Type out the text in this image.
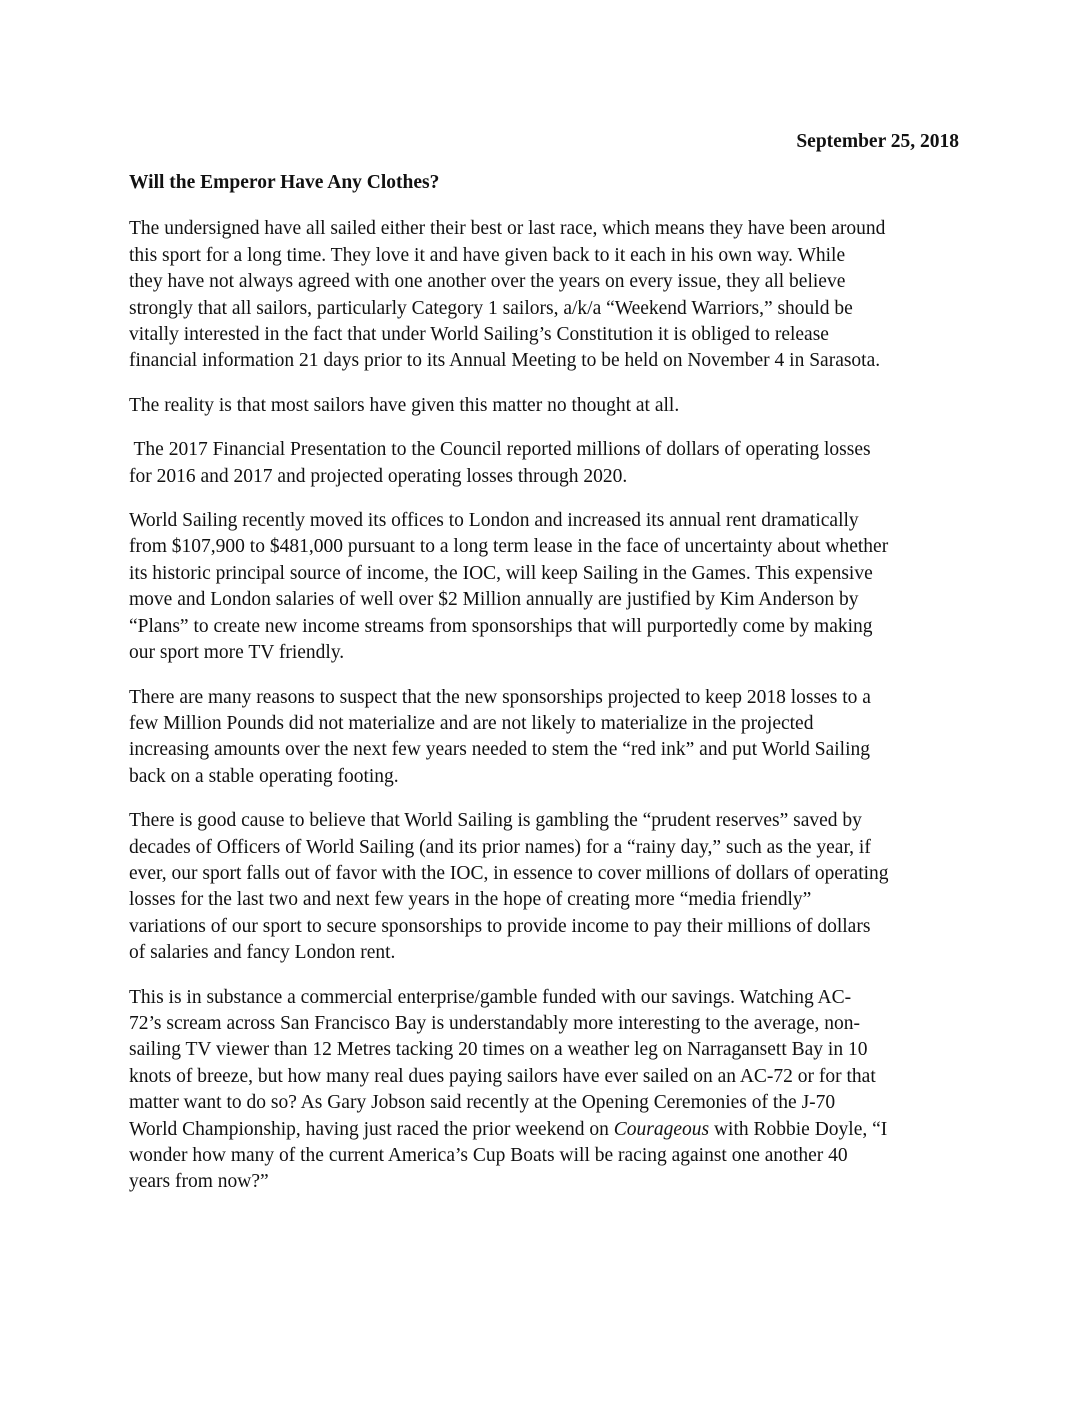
September 25, 2018
Will the Emperor Have Any Clothes?
The undersigned have all sailed either their best or last race, which means they have been around
this sport for a long time. They love it and have given back to it each in his own way. While
they have not always agreed with one another over the years on every issue, they all believe
strongly that all sailors, particularly Category 1 sailors, a/k/a “Weekend Warriors,” should be
vitally interested in the fact that under World Sailing’s Constitution it is obliged to release
financial information 21 days prior to its Annual Meeting to be held on November 4 in Sarasota.
The reality is that most sailors have given this matter no thought at all.
The 2017 Financial Presentation to the Council reported millions of dollars of operating losses
for 2016 and 2017 and projected operating losses through 2020.
World Sailing recently moved its offices to London and increased its annual rent dramatically
from $107,900 to $481,000 pursuant to a long term lease in the face of uncertainty about whether
its historic principal source of income, the IOC, will keep Sailing in the Games. This expensive
move and London salaries of well over $2 Million annually are justified by Kim Anderson by
“Plans” to create new income streams from sponsorships that will purportedly come by making
our sport more TV friendly.
There are many reasons to suspect that the new sponsorships projected to keep 2018 losses to a
few Million Pounds did not materialize and are not likely to materialize in the projected
increasing amounts over the next few years needed to stem the “red ink” and put World Sailing
back on a stable operating footing.
There is good cause to believe that World Sailing is gambling the “prudent reserves” saved by
decades of Officers of World Sailing (and its prior names) for a “rainy day,” such as the year, if
ever, our sport falls out of favor with the IOC, in essence to cover millions of dollars of operating
losses for the last two and next few years in the hope of creating more “media friendly”
variations of our sport to secure sponsorships to provide income to pay their millions of dollars
of salaries and fancy London rent.
This is in substance a commercial enterprise/gamble funded with our savings. Watching AC-
72’s scream across San Francisco Bay is understandably more interesting to the average, non-
sailing TV viewer than 12 Metres tacking 20 times on a weather leg on Narragansett Bay in 10
knots of breeze, but how many real dues paying sailors have ever sailed on an AC-72 or for that
matter want to do so? As Gary Jobson said recently at the Opening Ceremonies of the J-70
World Championship, having just raced the prior weekend on Courageous with Robbie Doyle, “I
wonder how many of the current America’s Cup Boats will be racing against one another 40
years from now?”
